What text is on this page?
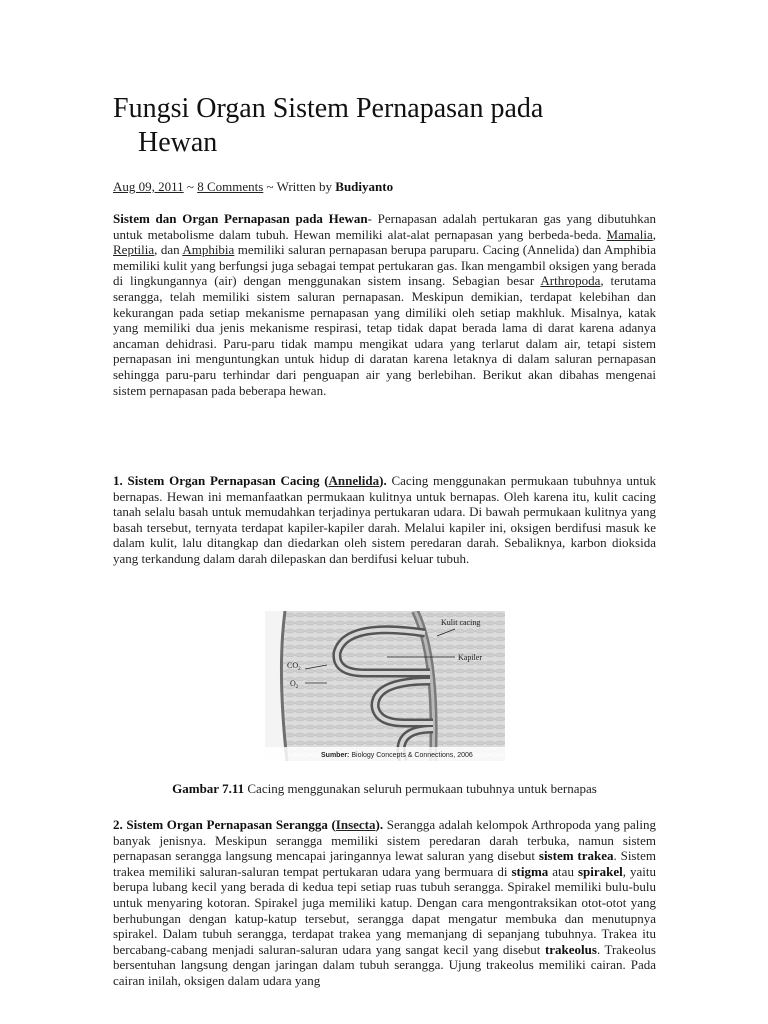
Fungsi Organ Sistem Pernapasan pada
Hewan
Aug 09, 2011 ~ 8 Comments ~ Written by Budiyanto

Sistem dan Organ Pernapasan pada Hewan- Pernapasan adalah pertukaran gas yang dibutuhkan untuk metabolisme dalam tubuh. Hewan memiliki alat-alat pernapasan yang berbeda-beda. Mamalia, Reptilia, dan Amphibia memiliki saluran pernapasan berupa paruparu. Cacing (Annelida) dan Amphibia memiliki kulit yang berfungsi juga sebagai tempat pertukaran gas. Ikan mengambil oksigen yang berada di lingkungannya (air) dengan menggunakan sistem insang. Sebagian besar Arthropoda, terutama serangga, telah memiliki sistem saluran pernapasan. Meskipun demikian, terdapat kelebihan dan kekurangan pada setiap mekanisme pernapasan yang dimiliki oleh setiap makhluk. Misalnya, katak yang memiliki dua jenis mekanisme respirasi, tetap tidak dapat berada lama di darat karena adanya ancaman dehidrasi. Paru-paru tidak mampu mengikat udara yang terlarut dalam air, tetapi sistem pernapasan ini menguntungkan untuk hidup di daratan karena letaknya di dalam saluran pernapasan sehingga paru-paru terhindar dari penguapan air yang berlebihan. Berikut akan dibahas mengenai sistem pernapasan pada beberapa hewan.

1. Sistem Organ Pernapasan Cacing (Annelida). Cacing menggunakan permukaan tubuhnya untuk bernapas. Hewan ini memanfaatkan permukaan kulitnya untuk bernapas. Oleh karena itu, kulit cacing tanah selalu basah untuk memudahkan terjadinya pertukaran udara. Di bawah permukaan kulitnya yang basah tersebut, ternyata terdapat kapiler-kapiler darah. Melalui kapiler ini, oksigen berdifusi masuk ke dalam kulit, lalu ditangkap dan diedarkan oleh sistem peredaran darah. Sebaliknya, karbon dioksida yang terkandung dalam darah dilepaskan dan berdifusi keluar tubuh.

Kulit cacing
Kapiler
$CO_2$
$O_2$
Sumber: Biology Concepts & Connections, 2006
Gambar 7.11 Cacing menggunakan seluruh permukaan tubuhnya untuk bernapas

2. Sistem Organ Pernapasan Serangga (Insecta). Serangga adalah kelompok Arthropoda yang paling banyak jenisnya. Meskipun serangga memiliki sistem peredaran darah terbuka, namun sistem pernapasan serangga langsung mencapai jaringannya lewat saluran yang disebut sistem trakea. Sistem trakea memiliki saluran-saluran tempat pertukaran udara yang bermuara di stigma atau spirakel, yaitu berupa lubang kecil yang berada di kedua tepi setiap ruas tubuh serangga. Spirakel memiliki bulu-bulu untuk menyaring kotoran. Spirakel juga memiliki katup. Dengan cara mengontraksikan otot-otot yang berhubungan dengan katup-katup tersebut, serangga dapat mengatur membuka dan menutupnya spirakel. Dalam tubuh serangga, terdapat trakea yang memanjang di sepanjang tubuhnya. Trakea itu bercabang-cabang menjadi saluran-saluran udara yang sangat kecil yang disebut trakeolus. Trakeolus bersentuhan langsung dengan jaringan dalam tubuh serangga. Ujung trakeolus memiliki cairan. Pada cairan inilah, oksigen dalam udara yang
